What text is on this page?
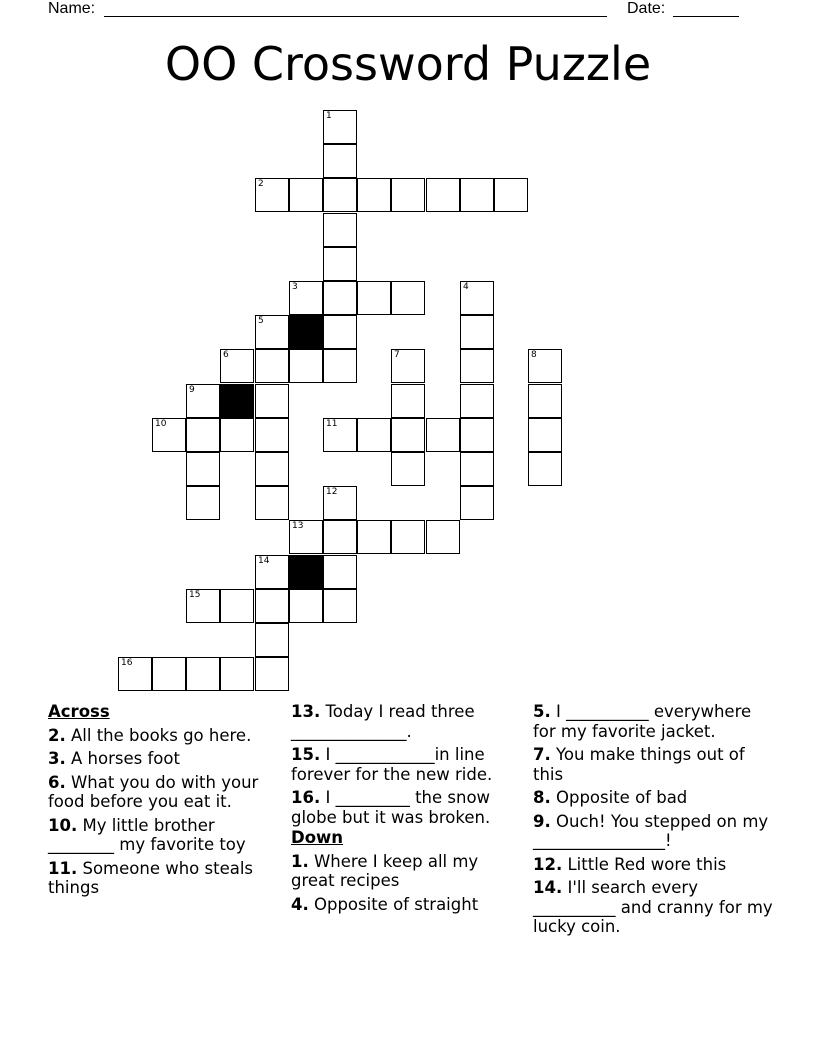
Name:	Date:
OO Crossword Puzzle
1
2
3	4
5
6	7	8
9
10	11
12
13
14
15
16
Across
2. All the books go here.
3. A horses foot
6. What you do with your food before you eat it.
10. My little brother ________ my favorite toy
11. Someone who steals things
13. Today I read three ______________.
15. I ____________in line forever for the new ride.
16. I _________ the snow globe but it was broken.
Down
1. Where I keep all my great recipes
4. Opposite of straight
5. I __________ everywhere for my favorite jacket.
7. You make things out of this
8. Opposite of bad
9. Ouch! You stepped on my ________________!
12. Little Red wore this
14. I'll search every __________ and cranny for my lucky coin.
